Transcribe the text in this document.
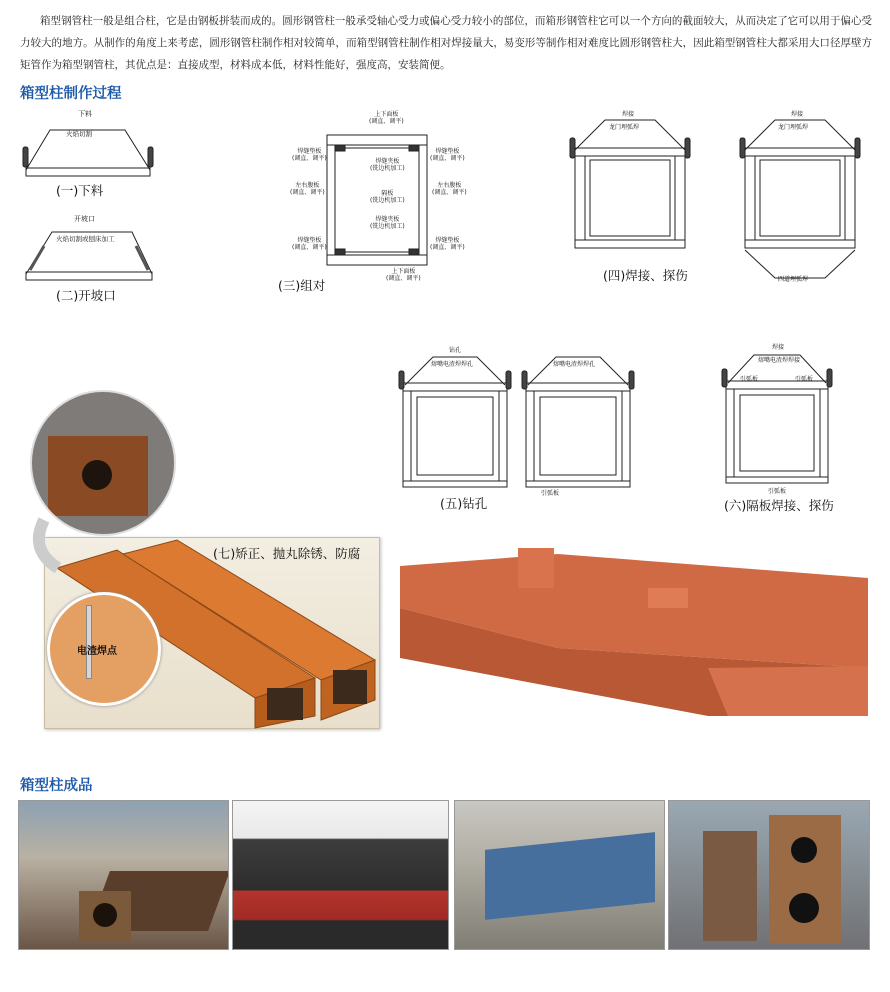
箱型钢管柱一般是组合柱，它是由钢板拼装而成的。圆形钢管柱一般承受轴心受力或偏心受力较小的部位，而箱形钢管柱它可以一个方向的截面较大，从而决定了它可以用于偏心受力较大的地方。从制作的角度上来考虑，圆形钢管柱制作相对较简单，而箱型钢管柱制作相对焊接量大，易变形等制作相对难度比圆形钢管柱大，因此箱型钢管柱大都采用大口径厚壁方矩管作为箱型钢管柱，其优点是：直接成型，材料成本低，材料性能好，强度高，安装简便。
箱型柱制作过程
下料
火焰切割
(一)下料
开坡口
火焰切割或刨床加工
(二)开坡口
上下面板
(调直、调平)
上下面板
(调直、调平)
焊缝垫板
(调直、调平)
焊缝垫板
(调直、调平)
左右腹板
(调直、调平)
左右腹板
(调直、调平)
焊缝垫板
(调直、调平)
焊缝垫板
(调直、调平)
焊缝夹板
(铣边机加工)
隔板
(铣边机加工)
焊缝夹板
(铣边机加工)
(三)组对
焊接
龙门埋弧焊
焊接
龙门埋弧焊
四道埋弧焊
(四)焊接、探伤
钻孔
熔嘴电渣焊焊孔	熔嘴电渣焊焊孔
引弧板
(五)钻孔
焊接
熔嘴电渣焊焊接
引弧板	引弧板
引弧板
(六)隔板焊接、探伤
(七)矫正、抛丸除锈、防腐
电渣焊点
箱型柱成品
